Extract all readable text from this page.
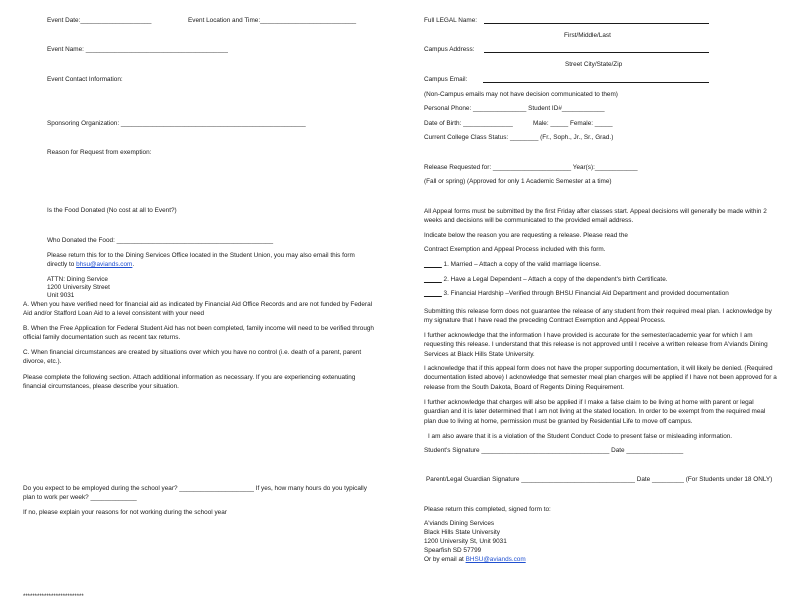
Event Date:____________________	Event Location and Time:___________________________
Event Name: ________________________________________
Event Contact Information:
Sponsoring Organization: ____________________________________________________
Reason for Request from exemption:
Is the Food Donated (No cost at all to Event?)
Who Donated the Food: ____________________________________________
Please return this for to the Dining Services Office located in the Student Union, you may also email this form directly to bhsu@aviands.com.
ATTN: Dining Service
1200 University Street
Unit 9031
A. When you have verified need for financial aid as indicated by Financial Aid Office Records and are not funded by Federal Aid and/or Stafford Loan Aid to a level consistent with your need
B. When the Free Application for Federal Student Aid has not been completed, family income will need to be verified through official family documentation such as recent tax returns.
C. When financial circumstances are created by situations over which you have no control (i.e. death of a parent, parent divorce, etc.).
Please complete the following section. Attach additional information as necessary. If you are experiencing extenuating financial circumstances, please describe your situation.
Do you expect to be employed during the school year? _____________________ If yes, how many hours do you typically plan to work per week? _____________
If no, please explain your reasons for not working during the school year
**************************
Full LEGAL Name:
First/Middle/Last
Campus Address:
Street City/State/Zip
Campus Email:
(Non-Campus emails may not have decision communicated to them)
Personal Phone: _______________ Student ID#____________
Date of Birth: ______________	Male: _____ Female: _____
Current College Class Status: ________ (Fr., Soph., Jr., Sr., Grad.)
Release Requested for: ______________________ Year(s):____________
(Fall or spring) (Approved for only 1 Academic Semester at a time)
All Appeal forms must be submitted by the first Friday after classes start. Appeal decisions will generally be made within 2 weeks and decisions will be communicated to the provided email address.
Indicate below the reason you are requesting a release. Please read the
Contract Exemption and Appeal Process included with this form.
_____ 1. Married – Attach a copy of the valid marriage license.
_____ 2. Have a Legal Dependent – Attach a copy of the dependent's birth Certificate.
_____ 3. Financial Hardship –Verified through BHSU Financial Aid Department and provided documentation
Submitting this release form does not guarantee the release of any student from their required meal plan. I acknowledge by my signature that I have read the preceding Contract Exemption and Appeal Process.
I further acknowledge that the information I have provided is accurate for the semester/academic year for which I am requesting this release. I understand that this release is not approved until I receive a written release from A'viands Dining Services at Black Hills State University.
I acknowledge that if this appeal form does not have the proper supporting documentation, it will likely be denied. (Required documentation listed above) I acknowledge that semester meal plan charges will be applied if I have not been approved for a release from the South Dakota, Board of Regents Dining Requirement.
I further acknowledge that charges will also be applied if I make a false claim to be living at home with parent or legal guardian and it is later determined that I am not living at the stated location. In order to be exempt from the required meal plan due to living at home, permission must be granted by Residential Life to move off campus.
I am also aware that it is a violation of the Student Conduct Code to present false or misleading information.
Student's Signature ____________________________________ Date ________________
Parent/Legal Guardian Signature ________________________________ Date _________ (For Students under 18 ONLY)
Please return this completed, signed form to:
A'viands Dining Services
Black Hills State University
1200 University St, Unit 9031
Spearfish SD 57799
Or by email at BHSU@aviands.com
